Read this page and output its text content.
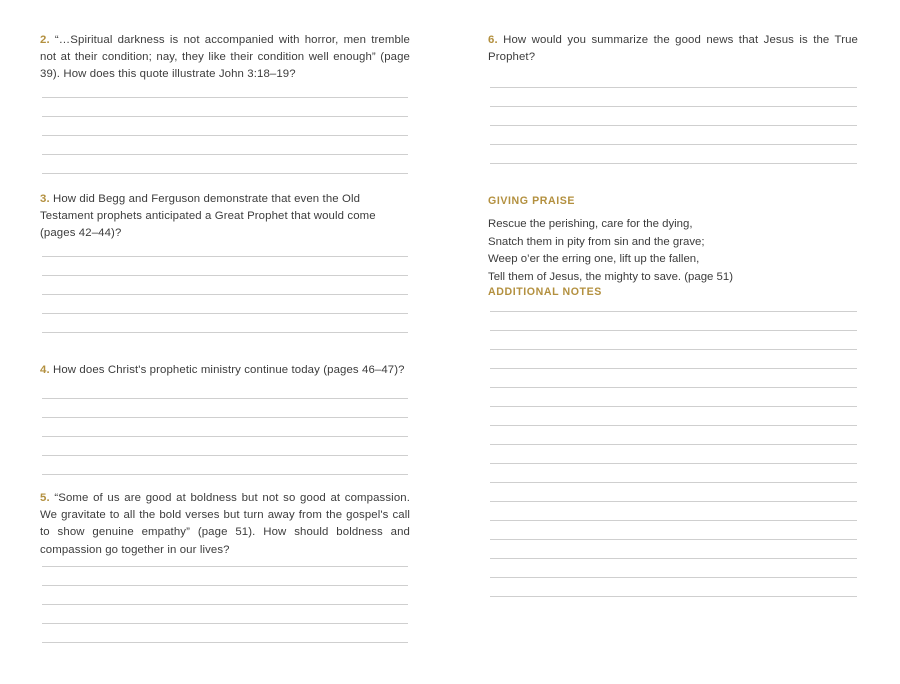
2. “…Spiritual darkness is not accompanied with horror, men tremble not at their condition; nay, they like their condition well enough” (page 39). How does this quote illustrate John 3:18–19?

3. How did Begg and Ferguson demonstrate that even the Old Testament prophets anticipated a Great Prophet that would come (pages 42–44)?

4. How does Christ's prophetic ministry continue today (pages 46–47)?

5. “Some of us are good at boldness but not so good at compassion. We gravitate to all the bold verses but turn away from the gospel's call to show genuine empathy” (page 51). How should boldness and compassion go together in our lives?

6. How would you summarize the good news that Jesus is the True Prophet?

GIVING PRAISE

Rescue the perishing, care for the dying,
Snatch them in pity from sin and the grave;
Weep o’er the erring one, lift up the fallen,
Tell them of Jesus, the mighty to save. (page 51)

ADDITIONAL NOTES
